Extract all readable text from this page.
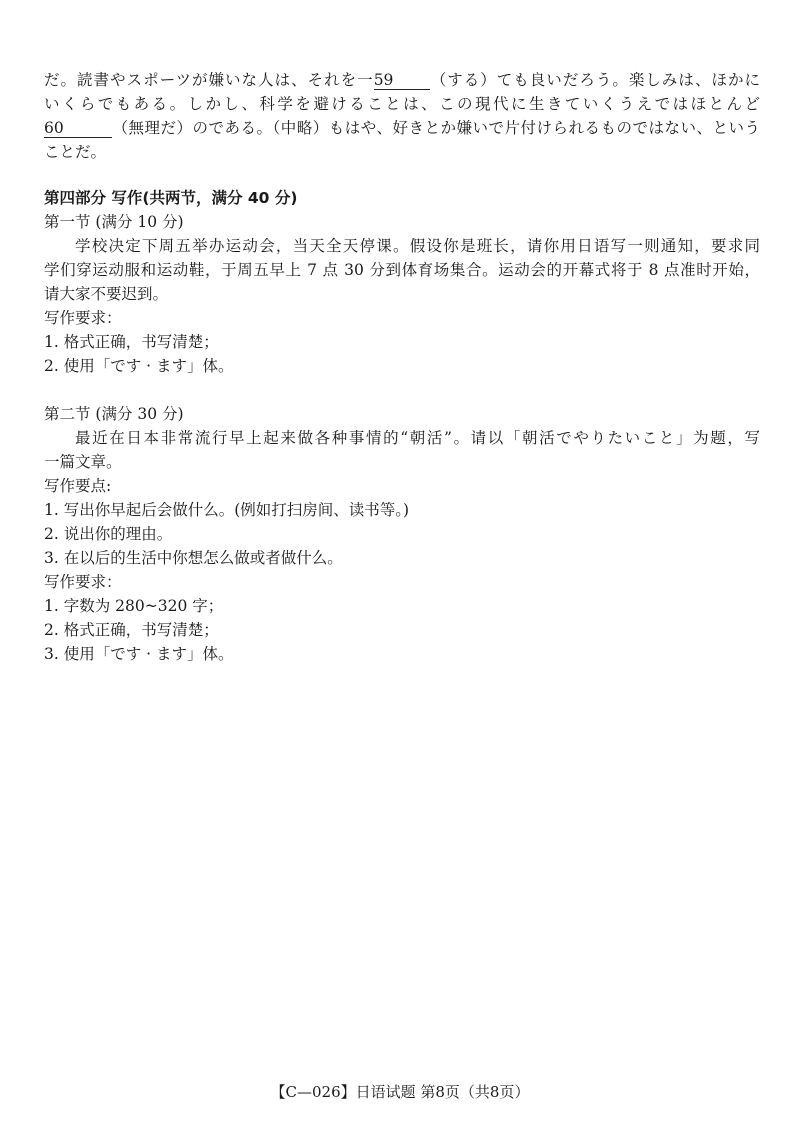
だ。読書やスポーツが嫌いな人は、それを一59 （する）ても良いだろう。楽しみは、ほかに
いくらでもある。しかし、科学を避けることは、この現代に生きていくうえではほとんど
60	（無理だ）のである。（中略）もはや、好きとか嫌いで片付けられるものではない、という
ことだ。
第四部分 写作(共两节，满分 40 分)
第一节 (满分 10 分)
学校决定下周五举办运动会，当天全天停课。假设你是班长，请你用日语写一则通知，要求同
学们穿运动服和运动鞋，于周五早上 7 点 30 分到体育场集合。运动会的开幕式将于 8 点准时开始，
请大家不要迟到。
写作要求：
1. 格式正确，书写清楚；
2. 使用「です · ます」体。
第二节 (满分 30 分)
最近在日本非常流行早上起来做各种事情的“朝活”。请以「朝活でやりたいこと」为题，写
一篇文章。
写作要点:
1. 写出你早起后会做什么。(例如打扫房间、读书等。)
2. 说出你的理由。
3. 在以后的生活中你想怎么做或者做什么。
写作要求：
1. 字数为 280~320 字；
2. 格式正确，书写清楚；
3. 使用「です · ます」体。
【C—026】日语试题 第8页（共8页）
